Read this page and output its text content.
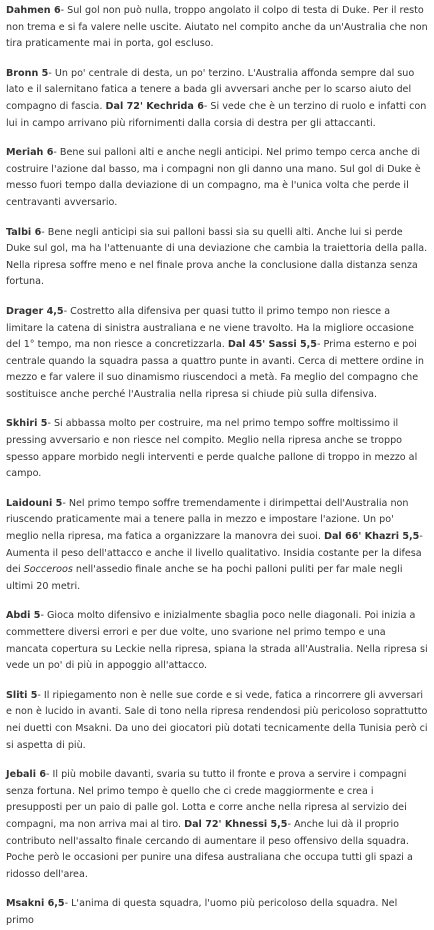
Dahmen 6- Sul gol non può nulla, troppo angolato il colpo di testa di Duke. Per il resto non trema e si fa valere nelle uscite. Aiutato nel compito anche da un'Australia che non tira praticamente mai in porta, gol escluso.

Bronn 5- Un po' centrale di desta, un po' terzino. L'Australia affonda sempre dal suo lato e il salernitano fatica a tenere a bada gli avversari anche per lo scarso aiuto del compagno di fascia. Dal 72' Kechrida 6- Si vede che è un terzino di ruolo e infatti con lui in campo arrivano più rifornimenti dalla corsia di destra per gli attaccanti.

Meriah 6- Bene sui palloni alti e anche negli anticipi. Nel primo tempo cerca anche di costruire l'azione dal basso, ma i compagni non gli danno una mano. Sul gol di Duke è messo fuori tempo dalla deviazione di un compagno, ma è l'unica volta che perde il centravanti avversario.

Talbi 6- Bene negli anticipi sia sui palloni bassi sia su quelli alti. Anche lui si perde Duke sul gol, ma ha l'attenuante di una deviazione che cambia la traiettoria della palla. Nella ripresa soffre meno e nel finale prova anche la conclusione dalla distanza senza fortuna.

Drager 4,5- Costretto alla difensiva per quasi tutto il primo tempo non riesce a limitare la catena di sinistra australiana e ne viene travolto. Ha la migliore occasione del 1° tempo, ma non riesce a concretizzarla. Dal 45' Sassi 5,5- Prima esterno e poi centrale quando la squadra passa a quattro punte in avanti. Cerca di mettere ordine in mezzo e far valere il suo dinamismo riuscendoci a metà. Fa meglio del compagno che sostituisce anche perché l'Australia nella ripresa si chiude più sulla difensiva.

Skhiri 5- Si abbassa molto per costruire, ma nel primo tempo soffre moltissimo il pressing avversario e non riesce nel compito. Meglio nella ripresa anche se troppo spesso appare morbido negli interventi e perde qualche pallone di troppo in mezzo al campo.

Laidouni 5- Nel primo tempo soffre tremendamente i dirimpettai dell'Australia non riuscendo praticamente mai a tenere palla in mezzo e impostare l'azione. Un po' meglio nella ripresa, ma fatica a organizzare la manovra dei suoi. Dal 66' Khazri 5,5- Aumenta il peso dell'attacco e anche il livello qualitativo. Insidia costante per la difesa dei Socceroos nell'assedio finale anche se ha pochi palloni puliti per far male negli ultimi 20 metri.

Abdi 5- Gioca molto difensivo e inizialmente sbaglia poco nelle diagonali. Poi inizia a commettere diversi errori e per due volte, uno svarione nel primo tempo e una mancata copertura su Leckie nella ripresa, spiana la strada all'Australia. Nella ripresa si vede un po' di più in appoggio all'attacco.

Sliti 5- Il ripiegamento non è nelle sue corde e si vede, fatica a rincorrere gli avversari e non è lucido in avanti. Sale di tono nella ripresa rendendosi più pericoloso soprattutto nei duetti con Msakni. Da uno dei giocatori più dotati tecnicamente della Tunisia però ci si aspetta di più.

Jebali 6- Il più mobile davanti, svaria su tutto il fronte e prova a servire i compagni senza fortuna. Nel primo tempo è quello che ci crede maggiormente e crea i presupposti per un paio di palle gol. Lotta e corre anche nella ripresa al servizio dei compagni, ma non arriva mai al tiro. Dal 72' Khnessi 5,5- Anche lui dà il proprio contributo nell'assalto finale cercando di aumentare il peso offensivo della squadra. Poche però le occasioni per punire una difesa australiana che occupa tutti gli spazi a ridosso dell'area.

Msakni 6,5- L'anima di questa squadra, l'uomo più pericoloso della squadra. Nel primo
